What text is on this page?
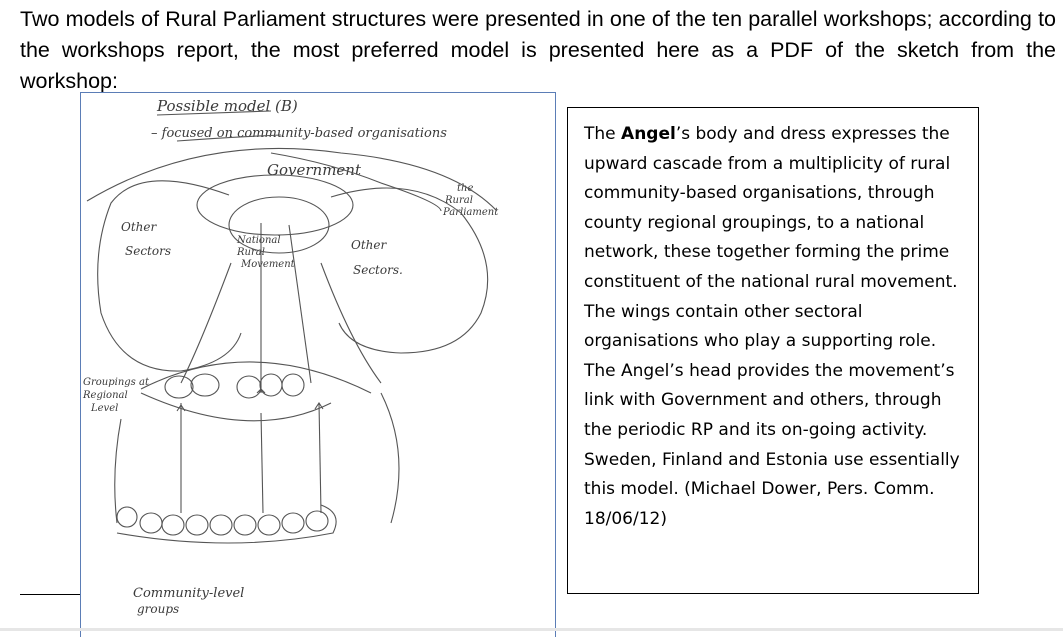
Two models of Rural Parliament structures were presented in one of the ten parallel workshops; according to the workshops report, the most preferred model is presented here as a PDF of the sketch from the workshop:

Possible model (B)
– focused on community-based organisations
Government
the
Rural
Parliament
Other
Sectors	Other
Sectors.
National
Rural
Movement
Groupings at
Regional
Level
Community-level
groups

The Angel’s body and dress expresses the upward cascade from a multiplicity of rural community-based organisations, through county regional groupings, to a national network, these together forming the prime constituent of the national rural movement.    The wings contain other sectoral organisations who play a supporting role.    The Angel’s head provides the movement’s link with Government and others, through the periodic RP and its on-going activity. Sweden, Finland and Estonia use essentially this model. (Michael Dower, Pers. Comm. 18/06/12)
